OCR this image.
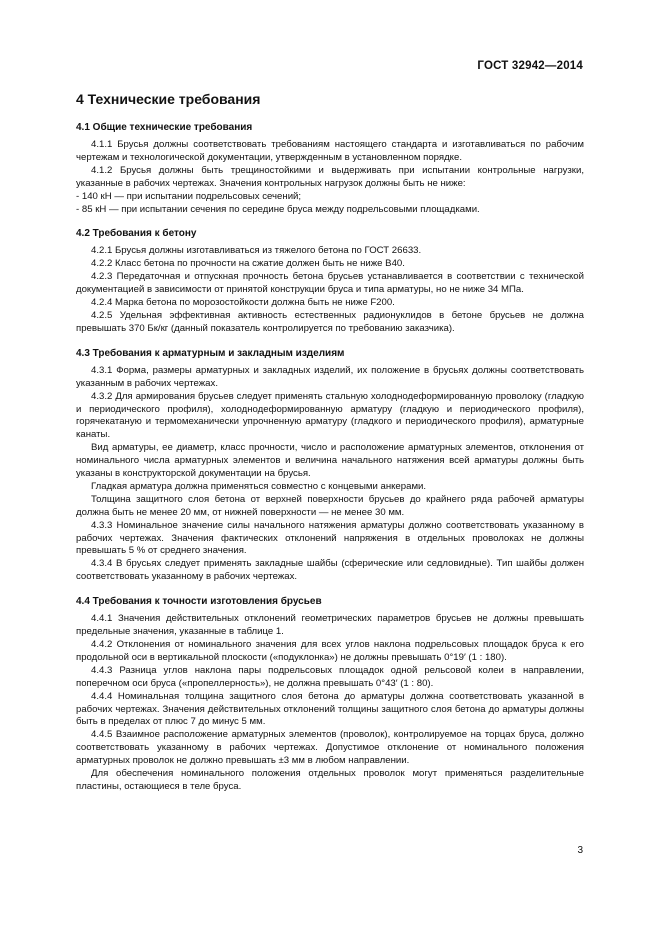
ГОСТ 32942—2014
4 Технические требования
4.1 Общие технические требования

4.1.1 Брусья должны соответствовать требованиям настоящего стандарта и изготавливаться по рабочим чертежам и технологической документации, утвержденным в установленном порядке.

4.1.2 Брусья должны быть трещиностойкими и выдерживать при испытании контрольные нагрузки, указанные в рабочих чертежах. Значения контрольных нагрузок должны быть не ниже:

- 140 кН — при испытании подрельсовых сечений;

- 85 кН — при испытании сечения по середине бруса между подрельсовыми площадками.

4.2 Требования к бетону

4.2.1 Брусья должны изготавливаться из тяжелого бетона по ГОСТ 26633.

4.2.2 Класс бетона по прочности на сжатие должен быть не ниже В40.

4.2.3 Передаточная и отпускная прочность бетона брусьев устанавливается в соответствии с технической документацией в зависимости от принятой конструкции бруса и типа арматуры, но не ниже 34 МПа.

4.2.4 Марка бетона по морозостойкости должна быть не ниже F200.

4.2.5 Удельная эффективная активность естественных радионуклидов в бетоне брусьев не должна превышать 370 Бк/кг (данный показатель контролируется по требованию заказчика).

4.3 Требования к арматурным и закладным изделиям

4.3.1 Форма, размеры арматурных и закладных изделий, их положение в брусьях должны соответствовать указанным в рабочих чертежах.

4.3.2 Для армирования брусьев следует применять стальную холоднодеформированную проволоку (гладкую и периодического профиля), холоднодеформированную арматуру (гладкую и периодического профиля), горячекатаную и термомеханически упрочненную арматуру (гладкого и периодического профиля), арматурные канаты.

Вид арматуры, ее диаметр, класс прочности, число и расположение арматурных элементов, отклонения от номинального числа арматурных элементов и величина начального натяжения всей арматуры должны быть указаны в конструкторской документации на брусья.

Гладкая арматура должна применяться совместно с концевыми анкерами.

Толщина защитного слоя бетона от верхней поверхности брусьев до крайнего ряда рабочей арматуры должна быть не менее 20 мм, от нижней поверхности — не менее 30 мм.

4.3.3 Номинальное значение силы начального натяжения арматуры должно соответствовать указанному в рабочих чертежах. Значения фактических отклонений напряжения в отдельных проволоках не должны превышать 5 % от среднего значения.

4.3.4 В брусьях следует применять закладные шайбы (сферические или седловидные). Тип шайбы должен соответствовать указанному в рабочих чертежах.

4.4 Требования к точности изготовления брусьев

4.4.1 Значения действительных отклонений геометрических параметров брусьев не должны превышать предельные значения, указанные в таблице 1.

4.4.2 Отклонения от номинального значения для всех углов наклона подрельсовых площадок бруса к его продольной оси в вертикальной плоскости («подуклонка») не должны превышать 0°19′ (1 : 180).

4.4.3 Разница углов наклона пары подрельсовых площадок одной рельсовой колеи в направлении, поперечном оси бруса («пропеллерность»), не должна превышать 0°43′ (1 : 80).

4.4.4 Номинальная толщина защитного слоя бетона до арматуры должна соответствовать указанной в рабочих чертежах. Значения действительных отклонений толщины защитного слоя бетона до арматуры должны быть в пределах от плюс 7 до минус 5 мм.

4.4.5 Взаимное расположение арматурных элементов (проволок), контролируемое на торцах бруса, должно соответствовать указанному в рабочих чертежах. Допустимое отклонение от номинального положения арматурных проволок не должно превышать ±3 мм в любом направлении.

Для обеспечения номинального положения отдельных проволок могут применяться разделительные пластины, остающиеся в теле бруса.

3
